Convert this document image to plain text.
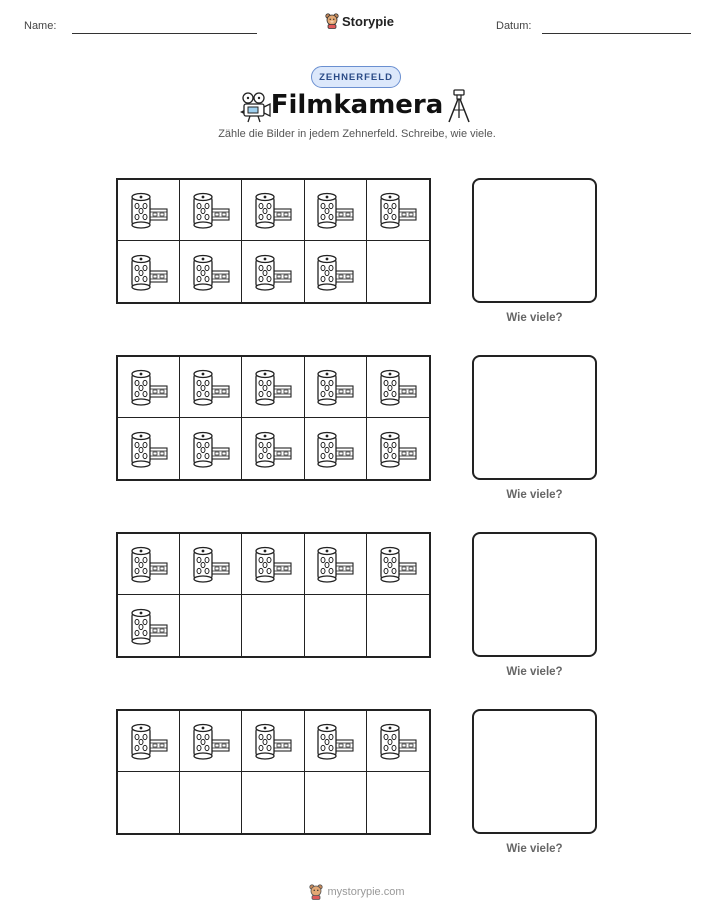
Name:	Storypie	Datum:
ZEHNERFELD
Filmkamera
Zähle die Bilder in jedem Zehnerfeld. Schreibe, wie viele.
Wie viele?
Wie viele?
Wie viele?
Wie viele?
mystorypie.com
